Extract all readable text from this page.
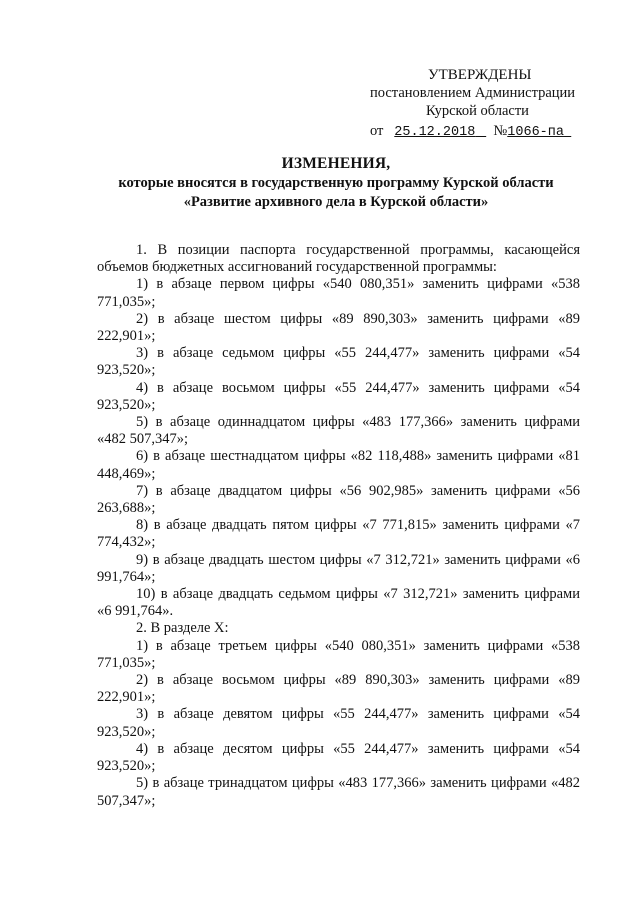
УТВЕРЖДЕНЫ
постановлением Администрации
Курской области
от 25.12.2018 №1066-па
ИЗМЕНЕНИЯ,
которые вносятся в государственную программу Курской области
«Развитие архивного дела в Курской области»
1. В позиции паспорта государственной программы, касающейся объемов бюджетных ассигнований государственной программы:
1) в абзаце первом цифры «540 080,351» заменить цифрами «538 771,035»;
2) в абзаце шестом цифры «89 890,303» заменить цифрами «89 222,901»;
3) в абзаце седьмом цифры «55 244,477» заменить цифрами «54 923,520»;
4) в абзаце восьмом цифры «55 244,477» заменить цифрами «54 923,520»;
5) в абзаце одиннадцатом цифры «483 177,366» заменить цифрами «482 507,347»;
6) в абзаце шестнадцатом цифры «82 118,488» заменить цифрами «81 448,469»;
7) в абзаце двадцатом цифры «56 902,985» заменить цифрами «56 263,688»;
8) в абзаце двадцать пятом цифры «7 771,815» заменить цифрами «7 774,432»;
9) в абзаце двадцать шестом цифры «7 312,721» заменить цифрами «6 991,764»;
10) в абзаце двадцать седьмом цифры «7 312,721» заменить цифрами «6 991,764».
2. В разделе X:
1) в абзаце третьем цифры «540 080,351» заменить цифрами «538 771,035»;
2) в абзаце восьмом цифры «89 890,303» заменить цифрами «89 222,901»;
3) в абзаце девятом цифры «55 244,477» заменить цифрами «54 923,520»;
4) в абзаце десятом цифры «55 244,477» заменить цифрами «54 923,520»;
5) в абзаце тринадцатом цифры «483 177,366» заменить цифрами «482 507,347»;
